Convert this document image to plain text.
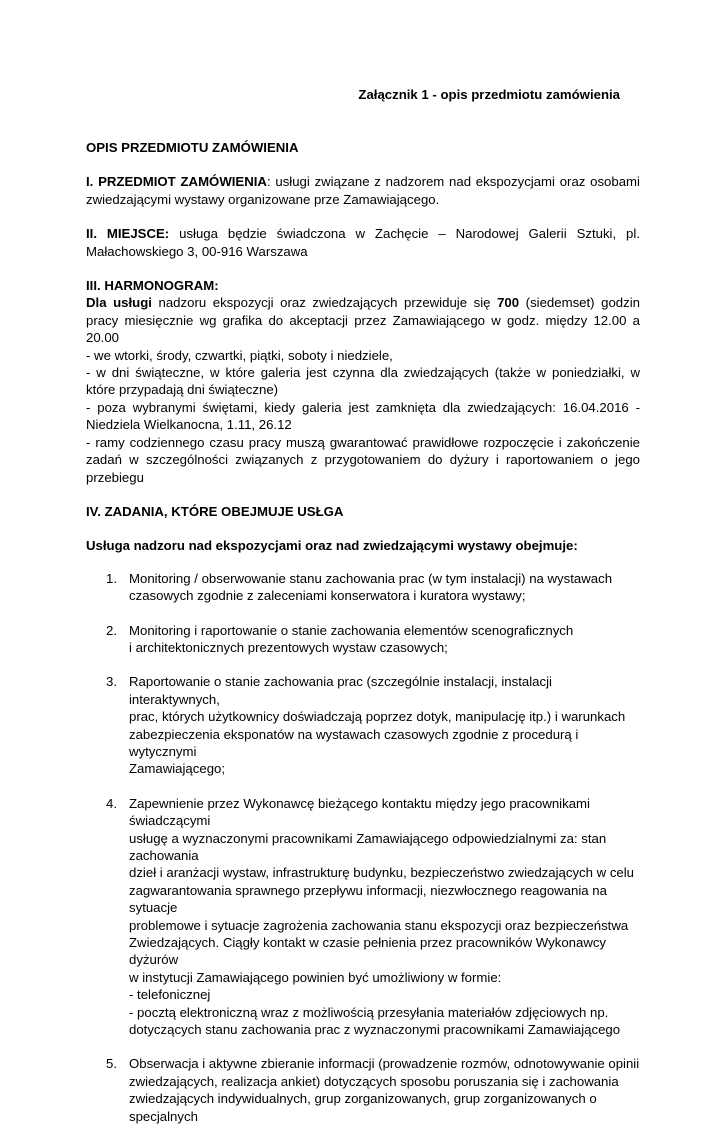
Załącznik 1 - opis przedmiotu zamówienia

OPIS PRZEDMIOTU ZAMÓWIENIA

I. PRZEDMIOT ZAMÓWIENIA: usługi związane z nadzorem nad ekspozycjami oraz osobami zwiedzającymi wystawy organizowane prze Zamawiającego.

II. MIEJSCE: usługa będzie świadczona w Zachęcie – Narodowej Galerii Sztuki, pl. Małachowskiego 3, 00-916 Warszawa

III. HARMONOGRAM:

Dla usługi nadzoru ekspozycji oraz zwiedzających przewiduje się 700 (siedemset) godzin pracy miesięcznie wg grafika do akceptacji przez Zamawiającego w godz. między 12.00 a 20.00

- we wtorki, środy, czwartki, piątki, soboty i niedziele,

- w dni świąteczne, w które galeria jest czynna dla zwiedzających (także w poniedziałki, w które przypadają dni świąteczne)

- poza wybranymi świętami, kiedy galeria jest zamknięta dla zwiedzających: 16.04.2016 - Niedziela Wielkanocna, 1.11, 26.12

- ramy codziennego czasu pracy muszą gwarantować prawidłowe rozpoczęcie i zakończenie zadań w szczególności związanych z przygotowaniem do dyżury i raportowaniem o jego przebiegu

IV. ZADANIA, KTÓRE OBEJMUJE USŁGA

Usługa nadzoru nad ekspozycjami oraz nad zwiedzającymi wystawy obejmuje:

1. Monitoring / obserwowanie stanu zachowania prac (w tym instalacji) na wystawach
czasowych zgodnie z zaleceniami konserwatora i kuratora wystawy;
2. Monitoring i raportowanie o stanie zachowania elementów scenograficznych
i architektonicznych prezentowych wystaw czasowych;
3. Raportowanie o stanie zachowania prac (szczególnie instalacji, instalacji interaktywnych,
prac, których użytkownicy doświadczają poprzez dotyk, manipulację itp.) i warunkach
zabezpieczenia eksponatów na wystawach czasowych zgodnie z procedurą i wytycznymi
Zamawiającego;
4. Zapewnienie przez Wykonawcę bieżącego kontaktu między jego pracownikami świadczącymi
usługę a wyznaczonymi pracownikami Zamawiającego odpowiedzialnymi za: stan zachowania
dzieł i aranżacji wystaw, infrastrukturę budynku, bezpieczeństwo zwiedzających w celu
zagwarantowania sprawnego przepływu informacji, niezwłocznego reagowania na sytuacje
problemowe i sytuacje zagrożenia zachowania stanu ekspozycji oraz bezpieczeństwa
Zwiedzających. Ciągły kontakt w czasie pełnienia przez pracowników Wykonawcy dyżurów
w instytucji Zamawiającego powinien być umożliwiony w formie:
- telefonicznej
- pocztą elektroniczną wraz z możliwością przesyłania materiałów zdjęciowych np.
dotyczących stanu zachowania prac z wyznaczonymi pracownikami Zamawiającego
5. Obserwacja i aktywne zbieranie informacji (prowadzenie rozmów, odnotowywanie opinii
zwiedzających, realizacja ankiet) dotyczących sposobu poruszania się i zachowania
zwiedzających indywidualnych, grup zorganizowanych, grup zorganizowanych o specjalnych
